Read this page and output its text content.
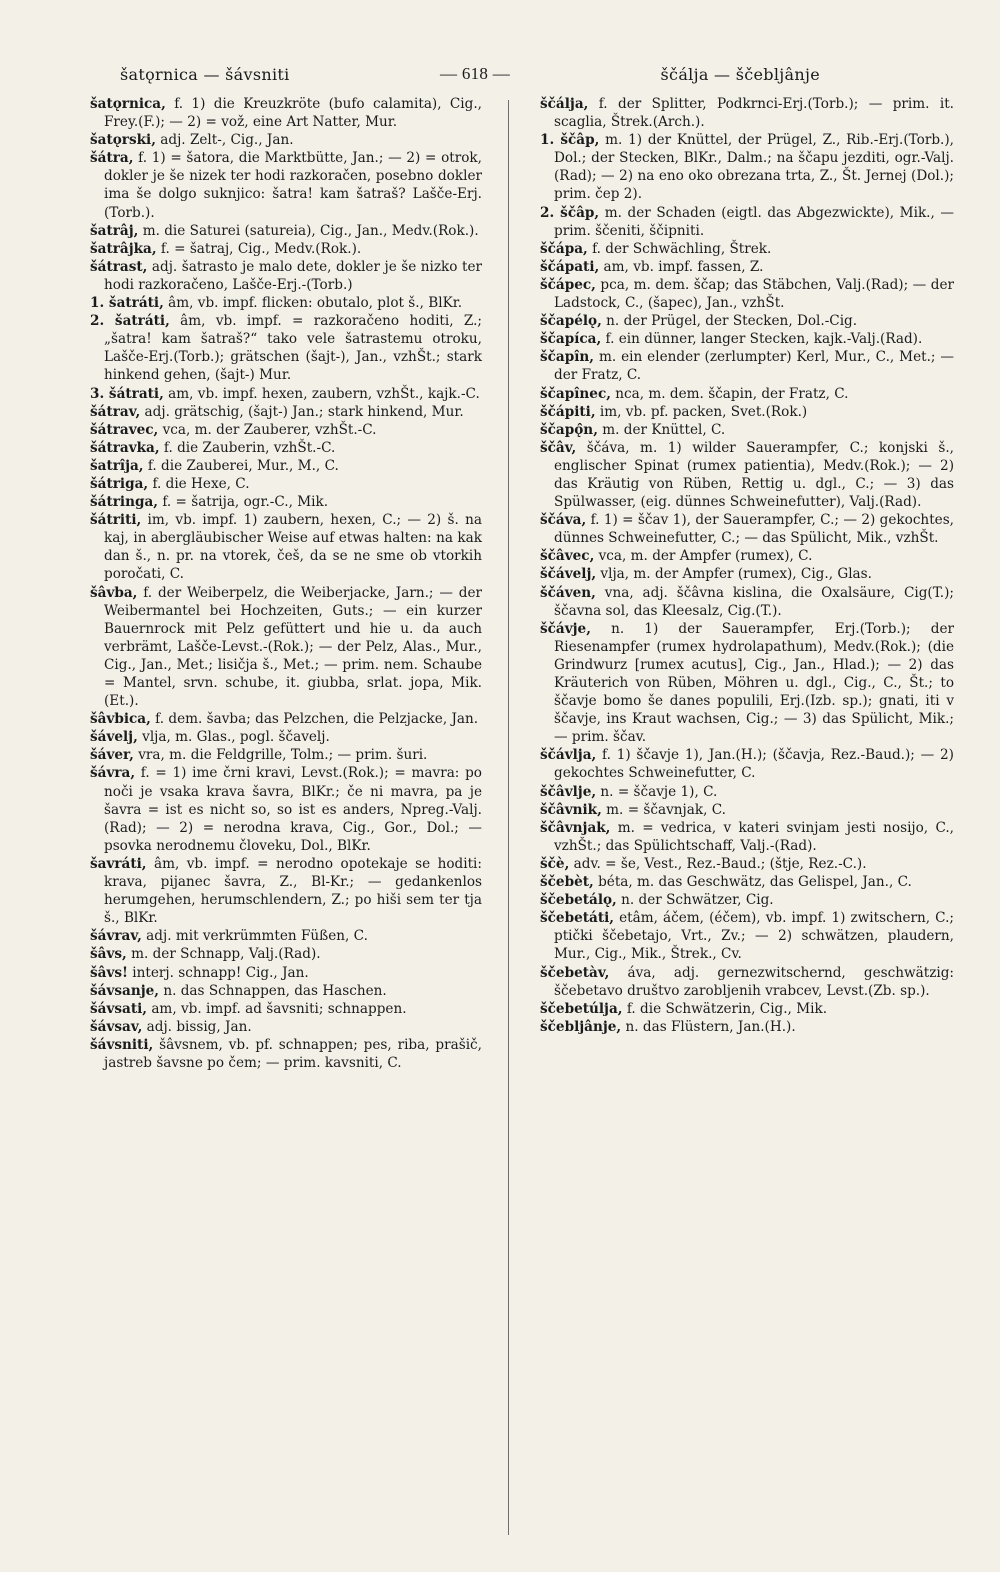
šatǫrnica — šávsniti	— 618 —	ščálja — ščebljânje

šatǫrnica, f. 1) die Kreuzkröte (bufo calamita), Cig., Frey.(F.); — 2) = vož, eine Art Natter, Mur.

šatǫrski, adj. Zelt-, Cig., Jan.

šátra, f. 1) = šatora, die Marktbütte, Jan.; — 2) = otrok, dokler je še nizek ter hodi razkoračen, posebno dokler ima še dolgo suknjico: šatra! kam šatraš? Lašče-Erj. (Torb.).

šatrâj, m. die Saturei (satureia), Cig., Jan., Medv.(Rok.).

šatrâjka, f. = šatraj, Cig., Medv.(Rok.).

šátrast, adj. šatrasto je malo dete, dokler je še nizko ter hodi razkoračeno, Lašče-Erj.-(Torb.)

1. šatráti, âm, vb. impf. flicken: obutalo, plot š., BlKr.

2. šatráti, âm, vb. impf. = razkoračeno hoditi, Z.; „šatra! kam šatraš?“ tako vele šatrastemu otroku, Lašče-Erj.(Torb.); grätschen (šajt-), Jan., vzhŠt.; stark hinkend gehen, (šajt-) Mur.

3. šátrati, am, vb. impf. hexen, zaubern, vzhŠt., kajk.-C.

šátrav, adj. grätschig, (šajt-) Jan.; stark hinkend, Mur.

šátravec, vca, m. der Zauberer, vzhŠt.-C.

šátravka, f. die Zauberin, vzhŠt.-C.

šatrîja, f. die Zauberei, Mur., M., C.

šátriga, f. die Hexe, C.

šátringa, f. = šatrija, ogr.-C., Mik.

šátriti, im, vb. impf. 1) zaubern, hexen, C.; — 2) š. na kaj, in abergläubischer Weise auf etwas halten: na kak dan š., n. pr. na vtorek, češ, da se ne sme ob vtorkih poročati, C.

šâvba, f. der Weiberpelz, die Weiberjacke, Jarn.; — der Weibermantel bei Hochzeiten, Guts.; — ein kurzer Bauernrock mit Pelz gefüttert und hie u. da auch verbrämt, Lašče-Levst.-(Rok.); — der Pelz, Alas., Mur., Cig., Jan., Met.; lisičja š., Met.; — prim. nem. Schaube = Mantel, srvn. schube, it. giubba, srlat. jopa, Mik.(Et.).

šâvbica, f. dem. šavba; das Pelzchen, die Pelzjacke, Jan.

šávelj, vlja, m. Glas., pogl. ščavelj.

šáver, vra, m. die Feldgrille, Tolm.; — prim. šuri.

šávra, f. = 1) ime črni kravi, Levst.(Rok.); = mavra: po noči je vsaka krava šavra, BlKr.; če ni mavra, pa je šavra = ist es nicht so, so ist es anders, Npreg.-Valj. (Rad); — 2) = nerodna krava, Cig., Gor., Dol.; — psovka nerodnemu človeku, Dol., BlKr.

šavráti, âm, vb. impf. = nerodno opotekaje se hoditi: krava, pijanec šavra, Z., Bl-Kr.; — gedankenlos herumgehen, herumschlendern, Z.; po hiši sem ter tja š., BlKr.

šávrav, adj. mit verkrümmten Füßen, C.

šâvs, m. der Schnapp, Valj.(Rad).

šâvs! interj. schnapp! Cig., Jan.

šávsanje, n. das Schnappen, das Haschen.

šávsati, am, vb. impf. ad šavsniti; schnappen.

šávsav, adj. bissig, Jan.

šávsniti, šâvsnem, vb. pf. schnappen; pes, riba, prašič, jastreb šavsne po čem; — prim. kavsniti, C.

ščálja, f. der Splitter, Podkrnci-Erj.(Torb.); — prim. it. scaglia, Štrek.(Arch.).

1. ščâp, m. 1) der Knüttel, der Prügel, Z., Rib.-Erj.(Torb.), Dol.; der Stecken, BlKr., Dalm.; na ščapu jezditi, ogr.-Valj.(Rad); — 2) na eno oko obrezana trta, Z., Št. Jernej (Dol.); prim. čep 2).

2. ščâp, m. der Schaden (eigtl. das Abgezwickte), Mik., — prim. ščeniti, ščipniti.

ščápa, f. der Schwächling, Štrek.

ščápati, am, vb. impf. fassen, Z.

ščápec, pca, m. dem. ščap; das Stäbchen, Valj.(Rad); — der Ladstock, C., (šapec), Jan., vzhŠt.

ščapélǫ, n. der Prügel, der Stecken, Dol.-Cig.

ščapíca, f. ein dünner, langer Stecken, kajk.-Valj.(Rad).

ščapîn, m. ein elender (zerlumpter) Kerl, Mur., C., Met.; — der Fratz, C.

ščapînec, nca, m. dem. ščapin, der Fratz, C.

ščápiti, im, vb. pf. packen, Svet.(Rok.)

ščapǫ̂n, m. der Knüttel, C.

ščâv, ščáva, m. 1) wilder Sauerampfer, C.; konjski š., englischer Spinat (rumex patientia), Medv.(Rok.); — 2) das Kräutig von Rüben, Rettig u. dgl., C.; — 3) das Spülwasser, (eig. dünnes Schweinefutter), Valj.(Rad).

ščáva, f. 1) = ščav 1), der Sauerampfer, C.; — 2) gekochtes, dünnes Schweinefutter, C.; — das Spülicht, Mik., vzhŠt.

ščâvec, vca, m. der Ampfer (rumex), C.

ščávelj, vlja, m. der Ampfer (rumex), Cig., Glas.

ščáven, vna, adj. ščâvna kislina, die Oxalsäure, Cig(T.); ščavna sol, das Kleesalz, Cig.(T.).

ščávje, n. 1) der Sauerampfer, Erj.(Torb.); der Riesenampfer (rumex hydrolapathum), Medv.(Rok.); (die Grindwurz [rumex acutus], Cig., Jan., Hlad.); — 2) das Kräuterich von Rüben, Möhren u. dgl., Cig., C., Št.; to ščavje bomo še danes populili, Erj.(Izb. sp.); gnati, iti v ščavje, ins Kraut wachsen, Cig.; — 3) das Spülicht, Mik.; — prim. ščav.

ščávlja, f. 1) ščavje 1), Jan.(H.); (ščavja, Rez.-Baud.); — 2) gekochtes Schweinefutter, C.

ščâvlje, n. = ščavje 1), C.

ščâvnik, m. = ščavnjak, C.

ščâvnjak, m. = vedrica, v kateri svinjam jesti nosijo, C., vzhŠt.; das Spülichtschaff, Valj.-(Rad).

ščè, adv. = še, Vest., Rez.-Baud.; (štje, Rez.-C.).

ščebèt, béta, m. das Geschwätz, das Gelispel, Jan., C.

ščebetálǫ, n. der Schwätzer, Cig.

ščebetáti, etâm, áčem, (éčem), vb. impf. 1) zwitschern, C.; ptički ščebetajo, Vrt., Zv.; — 2) schwätzen, plaudern, Mur., Cig., Mik., Štrek., Cv.

ščebetàv, áva, adj. gernezwitschernd, geschwätzig: ščebetavo društvo zarobljenih vrabcev, Levst.(Zb. sp.).

ščebetúlja, f. die Schwätzerin, Cig., Mik.

ščebljânje, n. das Flüstern, Jan.(H.).
